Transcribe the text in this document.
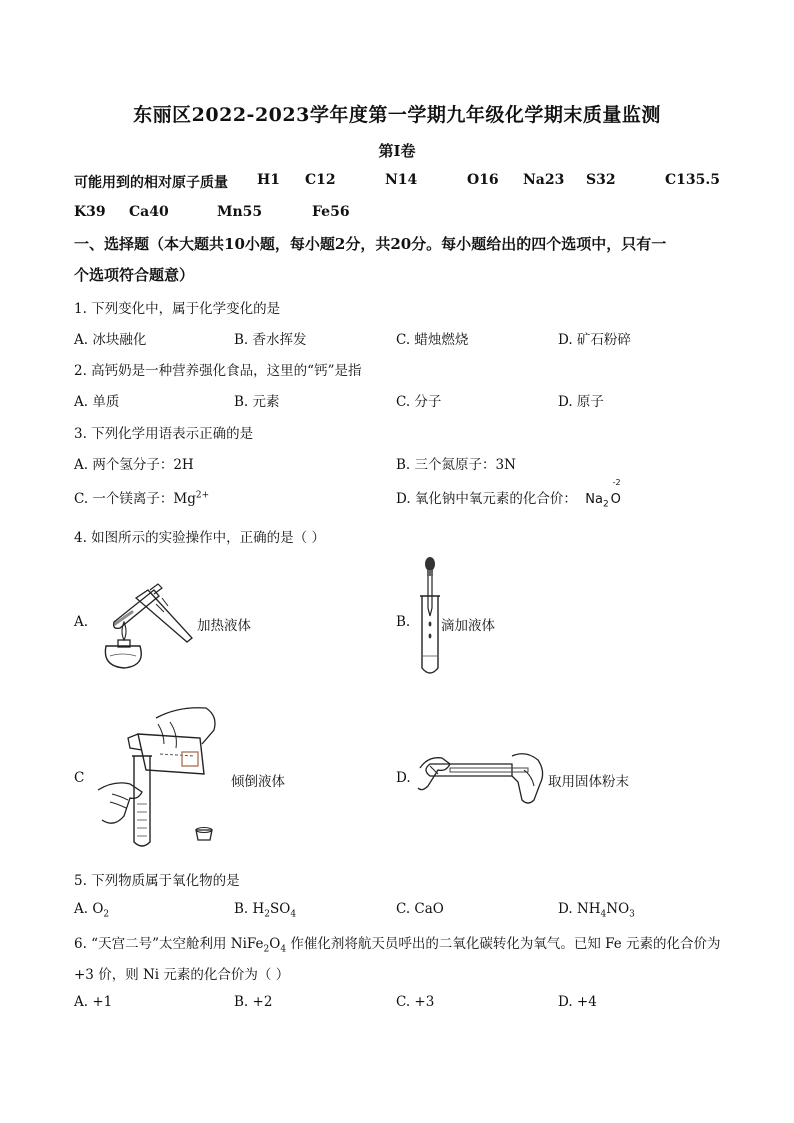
东丽区2022-2023学年度第一学期九年级化学期末质量监测
第I卷
可能用到的相对原子质量 H1 C12	N14	O16 Na23 S32	C135.5
K39 Ca40	Mn55	Fe56
一、选择题（本大题共10小题，每小题2分，共20分。每小题给出的四个选项中，只有一
个选项符合题意）
1. 下列变化中，属于化学变化的是
A. 冰块融化	B. 香水挥发	C. 蜡烛燃烧	D. 矿石粉碎
2. 高钙奶是一种营养强化食品，这里的“钙”是指
A. 单质	B. 元素	C. 分子	D. 原子
3. 下列化学用语表示正确的是
A. 两个氢分子：2H	B. 三个氮原子：3N
C. 一个镁离子：$Mg^{2+}$	D. 氧化钠中氧元素的化合价： $Na_2$
-2
O
4. 如图所示的实验操作中，正确的是（ ）
A.	加热液体	B. 滴加液体
C	倾倒液体	D.	取用固体粉末
5. 下列物质属于氧化物的是
A. $O_2$	B. $H_2SO_4$	C. CaO	D. $NH_4NO_3$
6. “天宫二号”太空舱利用 $NiFe_2O_4$ 作催化剂将航天员呼出的二氧化碳转化为氧气。已知 Fe 元素的化合价为
+3 价，则 Ni 元素的化合价为（ ）
A. +1	B. +2	C. +3	D. +4
